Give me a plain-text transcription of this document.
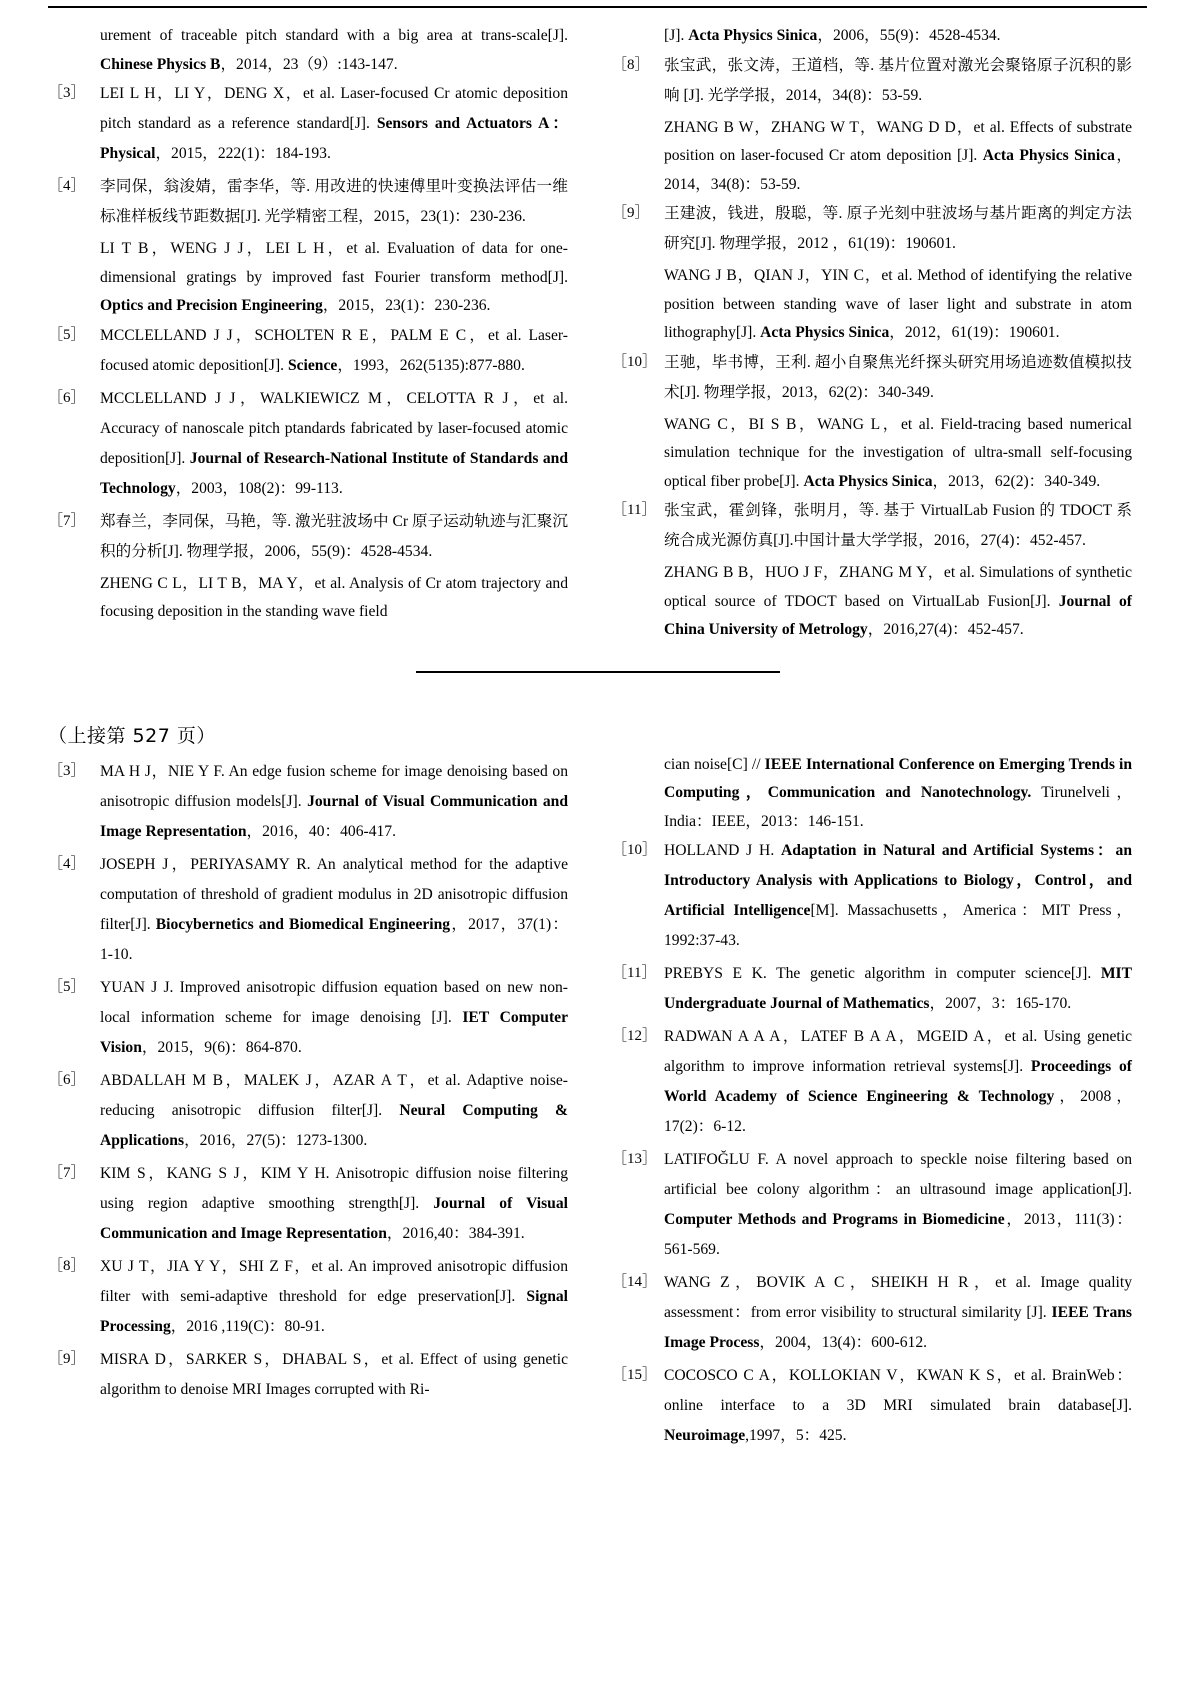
urement of traceable pitch standard with a big area at trans-scale[J]. Chinese Physics B，2014，23（9）:143-147.
［3］ LEI L H，LI Y，DENG X，et al. Laser-focused Cr atomic deposition pitch standard as a reference standard[J]. Sensors and Actuators A：Physical，2015，222(1)：184-193.
［4］ 李同保，翁浚婧，雷李华，等. 用改进的快速傅里叶变换法评估一维标准样板线节距数据[J]. 光学精密工程，2015，23(1)：230-236.
LI T B，WENG J J，LEI L H，et al. Evaluation of data for one-dimensional gratings by improved fast Fourier transform method[J]. Optics and Precision Engineering，2015，23(1)：230-236.
［5］ MCCLELLAND J J，SCHOLTEN R E，PALM E C，et al. Laser-focused atomic deposition[J]. Science，1993，262(5135):877-880.
［6］ MCCLELLAND J J，WALKIEWICZ M，CELOTTA R J，et al. Accuracy of nanoscale pitch ptandards fabricated by laser-focused atomic deposition[J]. Journal of Research-National Institute of Standards and Technology，2003，108(2)：99-113.
［7］ 郑春兰，李同保，马艳，等. 激光驻波场中 Cr 原子运动轨迹与汇聚沉积的分析[J]. 物理学报，2006，55(9)：4528-4534.
ZHENG C L，LI T B，MA Y，et al. Analysis of Cr atom trajectory and focusing deposition in the standing wave field
[J]. Acta Physics Sinica，2006，55(9)：4528-4534.
［8］ 张宝武，张文涛，王道档，等. 基片位置对激光会聚铬原子沉积的影响 [J]. 光学学报，2014，34(8)：53-59.
ZHANG B W，ZHANG W T，WANG D D，et al. Effects of substrate position on laser-focused Cr atom deposition [J]. Acta Physics Sinica，2014，34(8)：53-59.
［9］ 王建波，钱进，殷聪，等. 原子光刻中驻波场与基片距离的判定方法研究[J]. 物理学报，2012 ，61(19)：190601.
WANG J B，QIAN J，YIN C，et al. Method of identifying the relative position between standing wave of laser light and substrate in atom lithography[J]. Acta Physics Sinica，2012，61(19)：190601.
［10］ 王驰，毕书博，王利. 超小自聚焦光纤探头研究用场追迹数值模拟技术[J]. 物理学报，2013，62(2)：340-349.
WANG C，BI S B，WANG L，et al. Field-tracing based numerical simulation technique for the investigation of ultra-small self-focusing optical fiber probe[J]. Acta Physics Sinica，2013，62(2)：340-349.
［11］ 张宝武，霍剑锋，张明月，等. 基于 VirtualLab Fusion 的 TDOCT 系统合成光源仿真[J].中国计量大学学报，2016，27(4)：452-457.
ZHANG B B，HUO J F，ZHANG M Y，et al. Simulations of synthetic optical source of TDOCT based on VirtualLab Fusion[J]. Journal of China University of Metrology，2016,27(4)：452-457.
（上接第 527 页）
［3］ MA H J，NIE Y F. An edge fusion scheme for image denoising based on anisotropic diffusion models[J]. Journal of Visual Communication and Image Representation，2016，40：406-417.
［4］ JOSEPH J，PERIYASAMY R. An analytical method for the adaptive computation of threshold of gradient modulus in 2D anisotropic diffusion filter[J]. Biocybernetics and Biomedical Engineering，2017，37(1)：1-10.
［5］ YUAN J J. Improved anisotropic diffusion equation based on new non-local information scheme for image denoising [J]. IET Computer Vision，2015，9(6)：864-870.
［6］ ABDALLAH M B，MALEK J，AZAR A T，et al. Adaptive noise-reducing anisotropic diffusion filter[J]. Neural Computing & Applications，2016，27(5)：1273-1300.
［7］ KIM S，KANG S J，KIM Y H. Anisotropic diffusion noise filtering using region adaptive smoothing strength[J]. Journal of Visual Communication and Image Representation，2016,40：384-391.
［8］ XU J T，JIA Y Y，SHI Z F，et al. An improved anisotropic diffusion filter with semi-adaptive threshold for edge preservation[J]. Signal Processing，2016 ,119(C)：80-91.
［9］ MISRA D，SARKER S，DHABAL S，et al. Effect of using genetic algorithm to denoise MRI Images corrupted with Ri-
cian noise[C] // IEEE International Conference on Emerging Trends in Computing，Communication and Nanotechnology. Tirunelveli，India：IEEE，2013：146-151.
［10］ HOLLAND J H. Adaptation in Natural and Artificial Systems：an Introductory Analysis with Applications to Biology，Control，and Artificial Intelligence[M]. Massachusetts，America：MIT Press，1992:37-43.
［11］ PREBYS E K. The genetic algorithm in computer science[J]. MIT Undergraduate Journal of Mathematics，2007，3：165-170.
［12］ RADWAN A A A，LATEF B A A，MGEID A，et al. Using genetic algorithm to improve information retrieval systems[J]. Proceedings of World Academy of Science Engineering & Technology，2008，17(2)：6-12.
［13］ LATIFOĞLU F. A novel approach to speckle noise filtering based on artificial bee colony algorithm：an ultrasound image application[J]. Computer Methods and Programs in Biomedicine，2013，111(3)：561-569.
［14］ WANG Z，BOVIK A C，SHEIKH H R，et al. Image quality assessment：from error visibility to structural similarity [J]. IEEE Trans Image Process，2004，13(4)：600-612.
［15］ COCOSCO C A，KOLLOKIAN V，KWAN K S，et al. BrainWeb：online interface to a 3D MRI simulated brain database[J]. Neuroimage,1997，5：425.
